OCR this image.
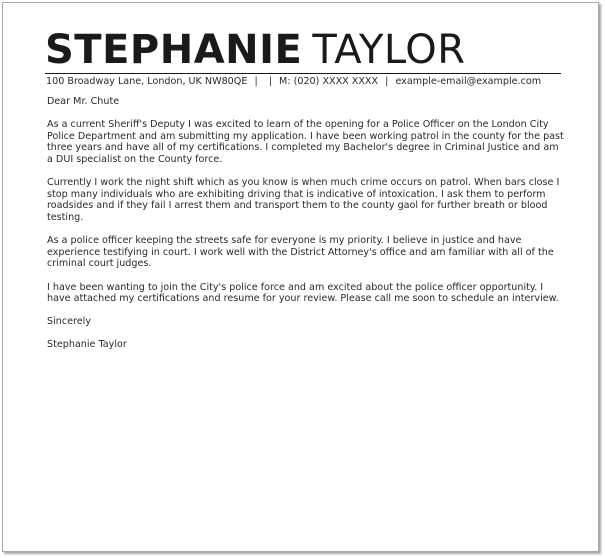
STEPHANIE TAYLOR
100 Broadway Lane, London, UK NW80QE | | M: (020) XXXX XXXX | example-email@example.com

Dear Mr. Chute

As a current Sheriff's Deputy I was excited to learn of the opening for a Police Officer on the London City Police Department and am submitting my application. I have been working patrol in the county for the past three years and have all of my certifications. I completed my Bachelor's degree in Criminal Justice and am a DUI specialist on the County force.

Currently I work the night shift which as you know is when much crime occurs on patrol. When bars close I stop many individuals who are exhibiting driving that is indicative of intoxication. I ask them to perform roadsides and if they fail I arrest them and transport them to the county gaol for further breath or blood testing.

As a police officer keeping the streets safe for everyone is my priority. I believe in justice and have experience testifying in court. I work well with the District Attorney's office and am familiar with all of the criminal court judges.

I have been wanting to join the City's police force and am excited about the police officer opportunity. I have attached my certifications and resume for your review. Please call me soon to schedule an interview.

Sincerely

Stephanie Taylor
